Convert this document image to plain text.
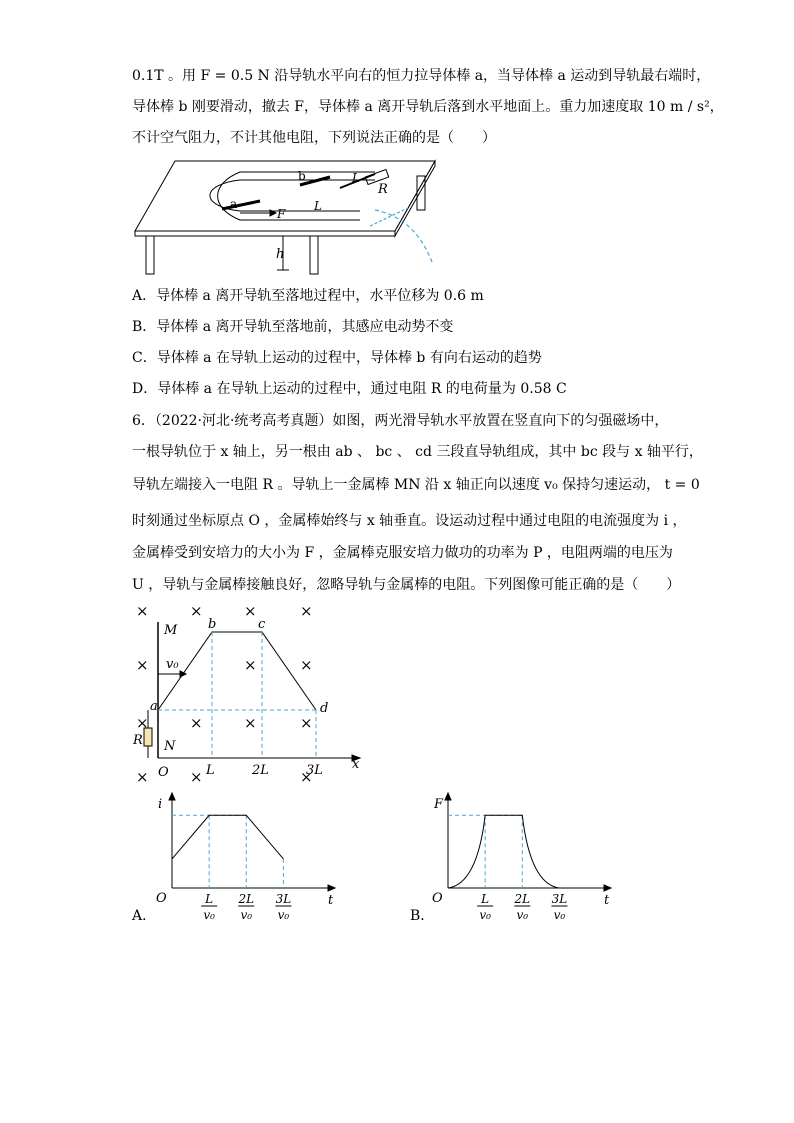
0.1T 。用 F = 0.5 N 沿导轨水平向右的恒力拉导体棒 a，当导体棒 a 运动到导轨最右端时，
导体棒 b 刚要滑动，撤去 F，导体棒 a 离开导轨后落到水平地面上。重力加速度取 10 m / s²，
不计空气阻力，不计其他电阻，下列说法正确的是（　　）
b
a
F
L
L
R
h
A．导体棒 a 离开导轨至落地过程中，水平位移为 0.6 m
B．导体棒 a 离开导轨至落地前，其感应电动势不变
C．导体棒 a 在导轨上运动的过程中，导体棒 b 有向右运动的趋势
D．导体棒 a 在导轨上运动的过程中，通过电阻 R 的电荷量为 0.58 C
6．（2022·河北·统考高考真题）如图，两光滑导轨水平放置在竖直向下的匀强磁场中，
一根导轨位于 x 轴上，另一根由 ab 、 bc 、 cd 三段直导轨组成，其中 bc 段与 x 轴平行，
导轨左端接入一电阻 R 。导轨上一金属棒 MN 沿 x 轴正向以速度 v₀ 保持匀速运动， t = 0
时刻通过坐标原点 O ，金属棒始终与 x 轴垂直。设运动过程中通过电阻的电流强度为 i ，
金属棒受到安培力的大小为 F ，金属棒克服安培力做功的功率为 P ，电阻两端的电压为
U ，导轨与金属棒接触良好，忽略导轨与金属棒的电阻。下列图像可能正确的是（　　）
×	×	×	×
×	×	×
×	×	×
×
×	×	×
M
N
O
R
v₀
a
b	c
d
L	2L	3L x
i
t
O	L
v₀
2L
v₀
3L
v₀
A．
F
t
O	L
v₀
2L
v₀
3L
v₀
B．
